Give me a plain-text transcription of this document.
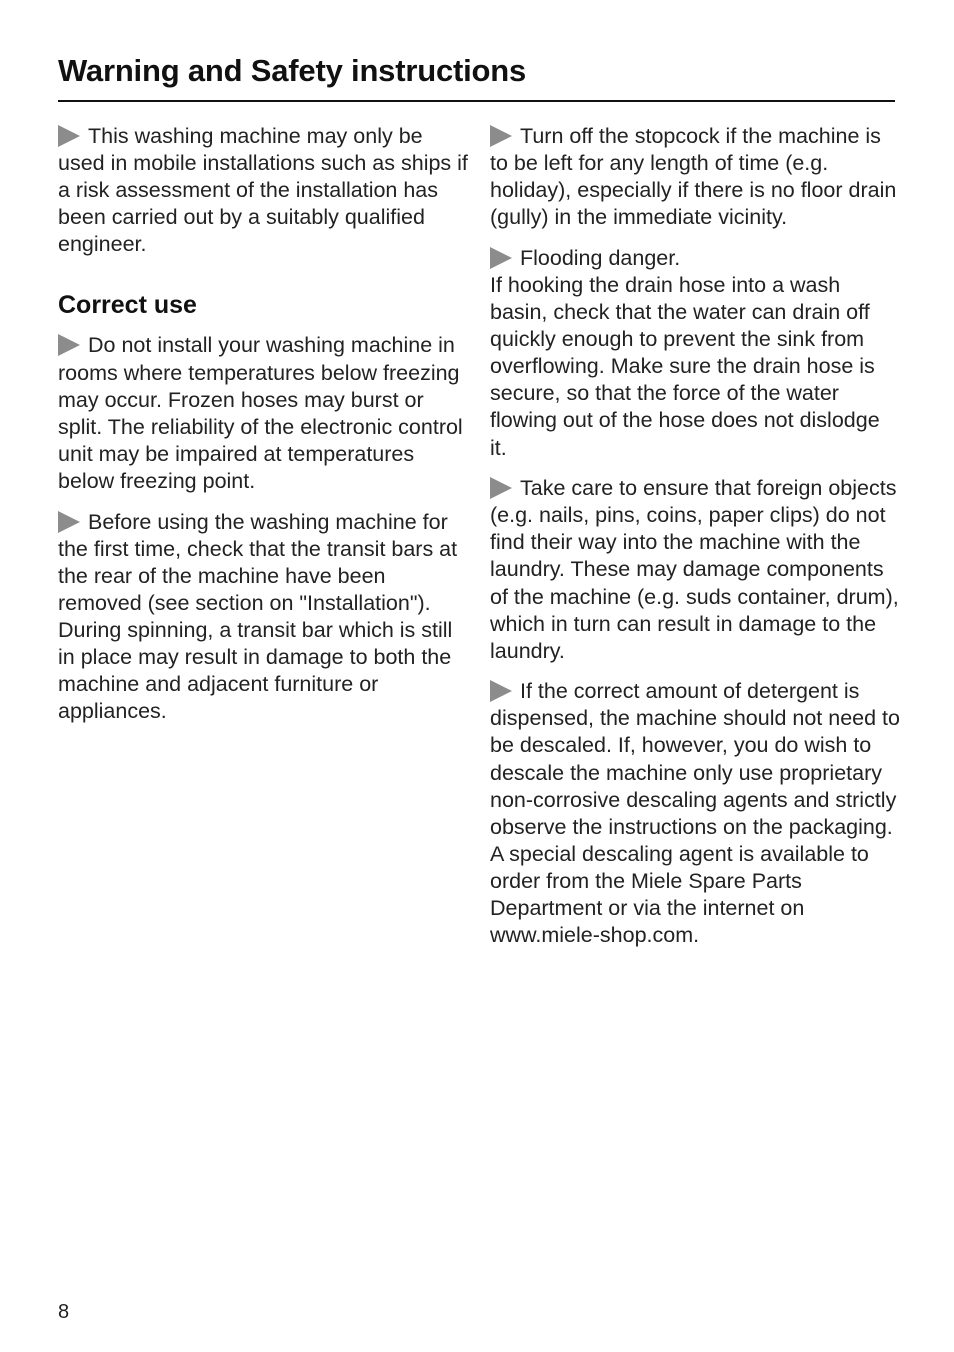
Warning and Safety instructions

This washing machine may only be used in mobile installations such as ships if a risk assessment of the installation has been carried out by a suitably qualified engineer.

Correct use

Do not install your washing machine in rooms where temperatures below freezing may occur. Frozen hoses may burst or split. The reliability of the electronic control unit may be impaired at temperatures below freezing point.

Before using the washing machine for the first time, check that the transit bars at the rear of the machine have been removed (see section on "Installation"). During spinning, a transit bar which is still in place may result in damage to both the machine and adjacent furniture or appliances.

Turn off the stopcock if the machine is to be left for any length of time (e.g. holiday), especially if there is no floor drain (gully) in the immediate vicinity.

Flooding danger.
If hooking the drain hose into a wash basin, check that the water can drain off quickly enough to prevent the sink from overflowing. Make sure the drain hose is secure, so that the force of the water flowing out of the hose does not dislodge it.

Take care to ensure that foreign objects (e.g. nails, pins, coins, paper clips) do not find their way into the machine with the laundry. These may damage components of the machine (e.g. suds container, drum), which in turn can result in damage to the laundry.

If the correct amount of detergent is dispensed, the machine should not need to be descaled. If, however, you do wish to descale the machine only use proprietary non-corrosive descaling agents and strictly observe the instructions on the packaging. A special descaling agent is available to order from the Miele Spare Parts Department or via the internet on www.miele-shop.com.

8
